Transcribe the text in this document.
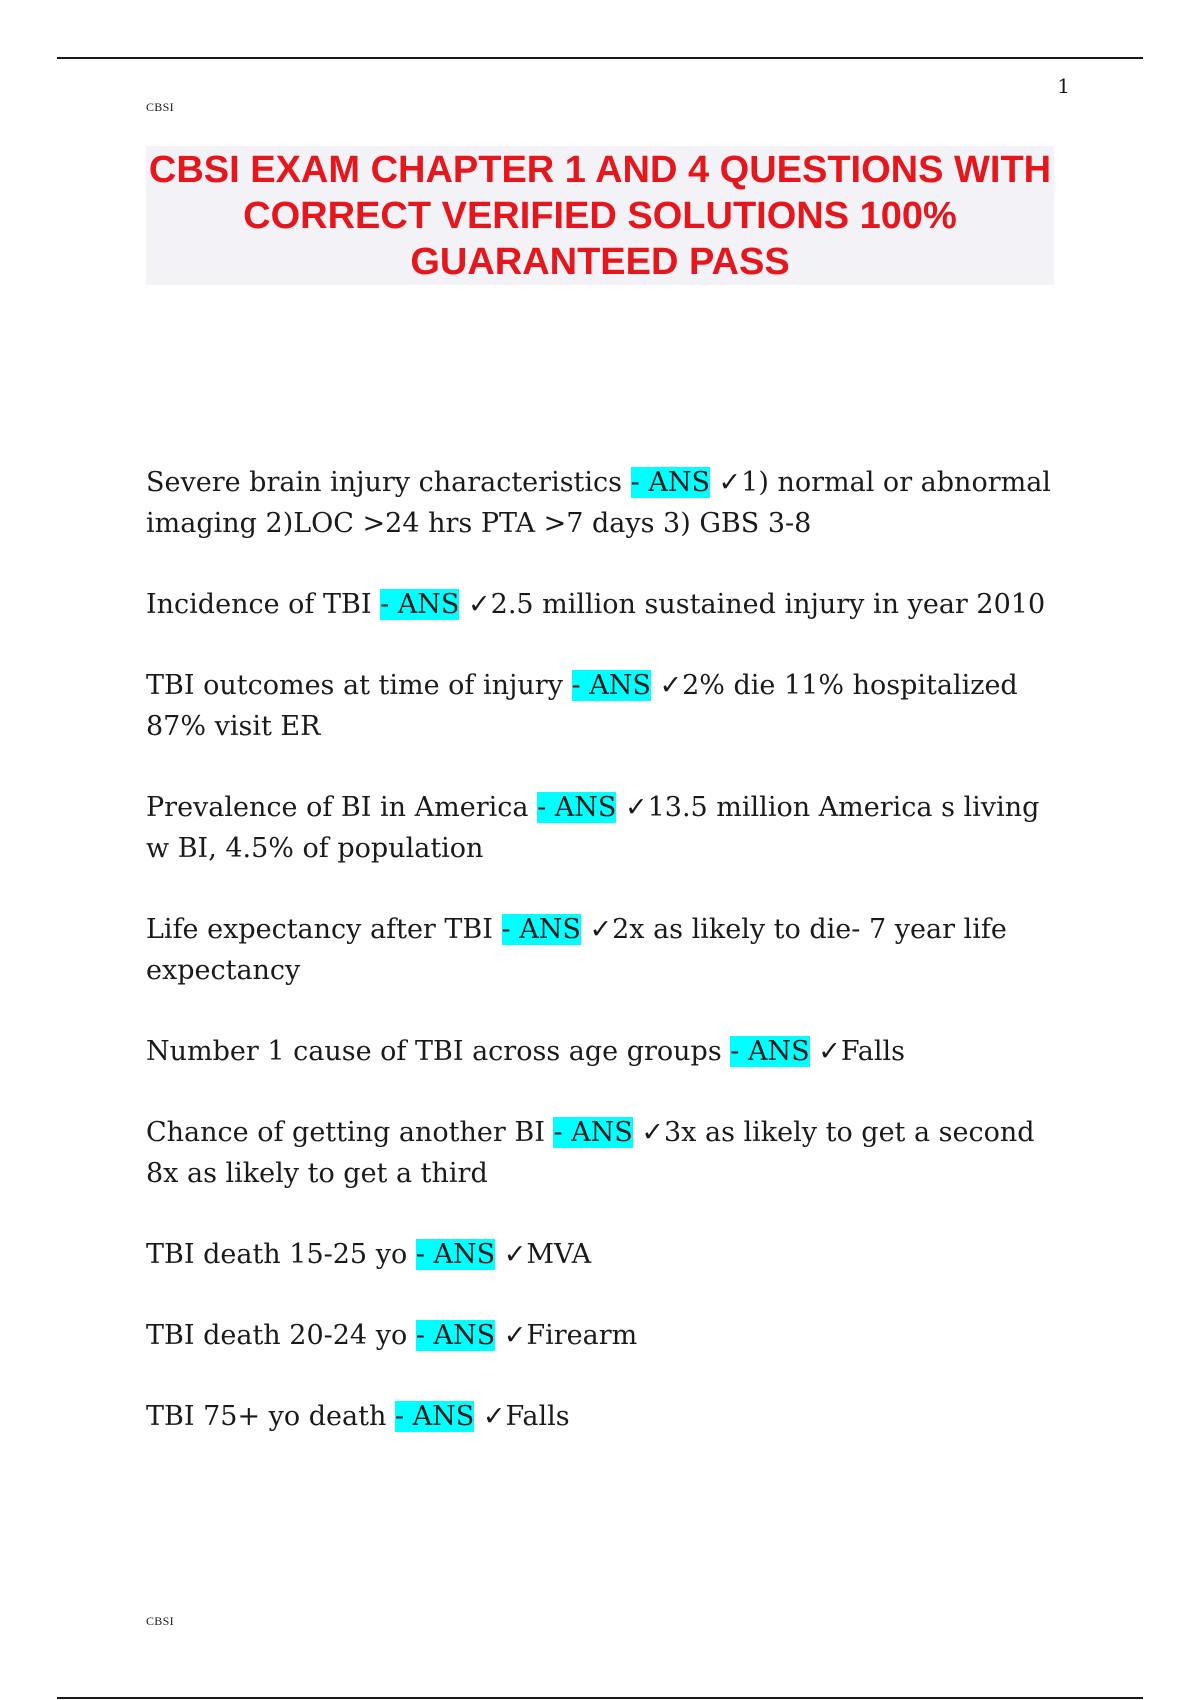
1
CBSI
CBSI EXAM CHAPTER 1 AND 4 QUESTIONS WITH CORRECT VERIFIED SOLUTIONS 100% GUARANTEED PASS
Severe brain injury characteristics - ANS ✓1) normal or abnormal imaging 2)LOC >24 hrs PTA >7 days 3) GBS 3-8
Incidence of TBI - ANS ✓2.5 million sustained injury in year 2010
TBI outcomes at time of injury - ANS ✓2% die 11% hospitalized 87% visit ER
Prevalence of BI in America - ANS ✓13.5 million America s living w BI, 4.5% of population
Life expectancy after TBI - ANS ✓2x as likely to die- 7 year life expectancy
Number 1 cause of TBI across age groups - ANS ✓Falls
Chance of getting another BI - ANS ✓3x as likely to get a second 8x as likely to get a third
TBI death 15-25 yo - ANS ✓MVA
TBI death 20-24 yo - ANS ✓Firearm
TBI 75+ yo death - ANS ✓Falls
CBSI
